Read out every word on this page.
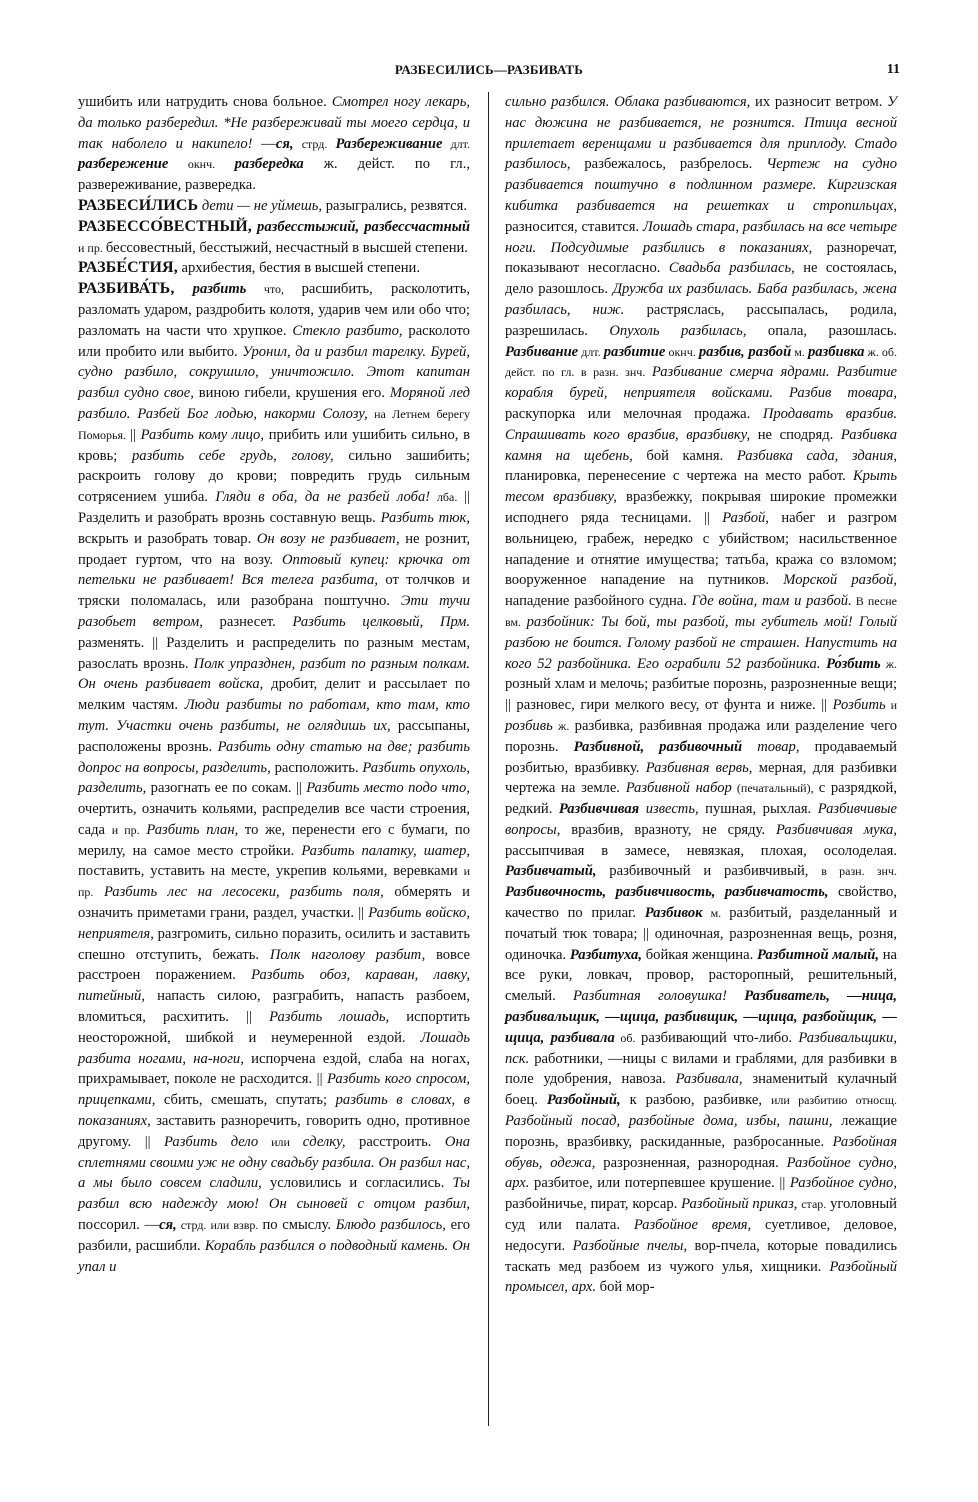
РАЗБЕСИЛИСЬ—РАЗБИВАТЬ	11

ушибить или натрудить снова больное. Смотрел ногу лекарь, да только разбередил. *Не разбереживай ты моего сердца, и так наболело и накипело! —ся, стрд. Разбереживание длт. разбережение окнч. разбередка ж. дейст. по гл., развереживание, развередка.

РАЗБЕСИ́ЛИСЬ дети — не уймешь, разыгрались, резвятся.

РАЗБЕССО́ВЕСТНЫЙ, разбесстыжий, разбессчастный и пр. бессовестный, бесстыжий, несчастный в высшей степени.

РАЗБЕ́СТИЯ, архибестия, бестия в высшей степени.

РАЗБИВА́ТЬ, разбить что, расшибить, расколотить, разломать ударом, раздробить колотя, ударив чем или обо что; разломать на части что хрупкое. Стекло разбито, расколото или пробито или выбито. Уронил, да и разбил тарелку. Бурей, судно разбило, сокрушило, уничтожило. Этот капитан разбил судно свое, виною гибели, крушения его. Моряной лед разбило. Разбей Бог лодью, накорми Солозу, на Летнем берегу Поморья. || Разбить кому лицо, прибить или ушибить сильно, в кровь; разбить себе грудь, голову, сильно зашибить; раскроить голову до крови; повредить грудь сильным сотрясением ушиба. Гляди в оба, да не разбей лоба! лба. || Разделить и разобрать врознь составную вещь. Разбить тюк, вскрыть и разобрать товар. Он возу не разбивает, не рознит, продает гуртом, что на возу. Оптовый купец: крючка от петельки не разбивает! Вся телега разбита, от толчков и тряски поломалась, или разобрана поштучно. Эти тучи разобьет ветром, разнесет. Разбить целковый, Прм. разменять. || Разделить и распределить по разным местам, разослать врознь. Полк упразднен, разбит по разным полкам. Он очень разбивает войска, дробит, делит и рассылает по мелким частям. Люди разбиты по работам, кто там, кто тут. Участки очень разбиты, не оглядишь их, рассыпаны, расположены врознь. Разбить одну статью на две; разбить допрос на вопросы, разделить, расположить. Разбить опухоль, разделить, разогнать ее по сокам. || Разбить место подо что, очертить, означить кольями, распределив все части строения, сада и пр. Разбить план, то же, перенести его с бумаги, по мерилу, на самое место стройки. Разбить палатку, шатер, поставить, уставить на месте, укрепив кольями, веревками и пр. Разбить лес на лесосеки, разбить поля, обмерять и означить приметами грани, раздел, участки. || Разбить войско, неприятеля, разгромить, сильно поразить, осилить и заставить спешно отступить, бежать. Полк наголову разбит, вовсе расстроен поражением. Разбить обоз, караван, лавку, питейный, напасть силою, разграбить, напасть разбоем, вломиться, расхитить. || Разбить лошадь, испортить неосторожной, шибкой и неумеренной ездой. Лошадь разбита ногами, на-ноги, испорчена ездой, слаба на ногах, прихрамывает, поколе не расходится. || Разбить кого спросом, прицепками, сбить, смешать, спутать; разбить в словах, в показаниях, заставить разноречить, говорить одно, противное другому. || Разбить дело или сделку, расстроить. Она сплетнями своими уж не одну свадьбу разбила. Он разбил нас, а мы было совсем сладили, условились и согласились. Ты разбил всю надежду мою! Он сыновей с отцом разбил, поссорил. —ся, стрд. или взвр. по смыслу. Блюдо разбилось, его разбили, расшибли. Корабль разбился о подводный камень. Он упал и

сильно разбился. Облака разбиваются, их разносит ветром. У нас дюжина не разбивается, не рознится. Птица весной прилетает веренщами и разбивается для приплоду. Стадо разбилось, разбежалось, разбрелось. Чертеж на судно разбивается поштучно в подлинном размере. Киргизская кибитка разбивается на решетках и стропильцах, разносится, ставится. Лошадь стара, разбилась на все четыре ноги. Подсудимые разбились в показаниях, разноречат, показывают несогласно. Свадьба разбилась, не состоялась, дело разошлось. Дружба их разбилась. Баба разбилась, жена разбилась, ниж. растряслась, рассыпалась, родила, разрешилась. Опухоль разбилась, опала, разошлась. Разбивание длт. разбитие окнч. разбив, разбой м. разбивка ж. об. дейст. по гл. в разн. знч. Разбивание смерча ядрами. Разбитие корабля бурей, неприятеля войсками. Разбив товара, раскупорка или мелочная продажа. Продавать вразбив. Спрашивать кого вразбив, вразбивку, не сподряд. Разбивка камня на щебень, бой камня. Разбивка сада, здания, планировка, перенесение с чертежа на место работ. Крыть тесом вразбивку, вразбежку, покрывая широкие промежки исподнего ряда тесницами. || Разбой, набег и разгром вольницею, грабеж, нередко с убийством; насильственное нападение и отнятие имущества; татьба, кража со взломом; вооруженное нападение на путников. Морской разбой, нападение разбойного судна. Где война, там и разбой. В песне вм. разбойник: Ты бой, ты разбой, ты губитель мой! Голый разбою не боится. Голому разбой не страшен. Напустить на кого 52 разбойника. Его ограбили 52 разбойника. Ро́збить ж. розный хлам и мелочь; разбитые порознь, разрозненные вещи; || разновес, гири мелкого весу, от фунта и ниже. || Розбить и розбивь ж. разбивка, разбивная продажа или разделение чего порознь. Разбивной, разбивочный товар, продаваемый розбитью, вразбивку. Разбивная вервь, мерная, для разбивки чертежа на земле. Разбивной набор (печатальный), с разрядкой, редкий. Разбивчивая известь, пушная, рыхлая. Разбивчивые вопросы, вразбив, вразноту, не сряду. Разбивчивая мука, рассыпчивая в замесе, невязкая, плохая, осолоделая. Разбивчатый, разбивочный и разбивчивый, в разн. знч. Разбивочность, разбивчивость, разбивчатость, свойство, качество по прилаг. Разбивок м. разбитый, разделанный и початый тюк товара; || одиночная, разрозненная вещь, розня, одиночка. Разбитуха, бойкая женщина. Разбитной малый, на все руки, ловкач, провор, расторопный, решительный, смелый. Разбитная головушка! Разбиватель, —ница, разбивальщик, —щица, разбивщик, —щица, разбойщик, —щица, разбивала об. разбивающий что-либо. Разбивальщики, пск. работники, —ницы с вилами и граблями, для разбивки в поле удобрения, навоза. Разбивала, знаменитый кулачный боец. Разбойный, к разбою, разбивке, или разбитию относщ. Разбойный посад, разбойные дома, избы, пашни, лежащие порознь, вразбивку, раскиданные, разбросанные. Разбойная обувь, одежа, разрозненная, разнородная. Разбойное судно, арх. разбитое, или потерпевшее крушение. || Разбойное судно, разбойничье, пират, корсар. Разбойный приказ, стар. уголовный суд или палата. Разбойное время, суетливое, деловое, недосуги. Разбойные пчелы, вор-пчела, которые повадились таскать мед разбоем из чужого улья, хищники. Разбойный промысел, арх. бой мор-
